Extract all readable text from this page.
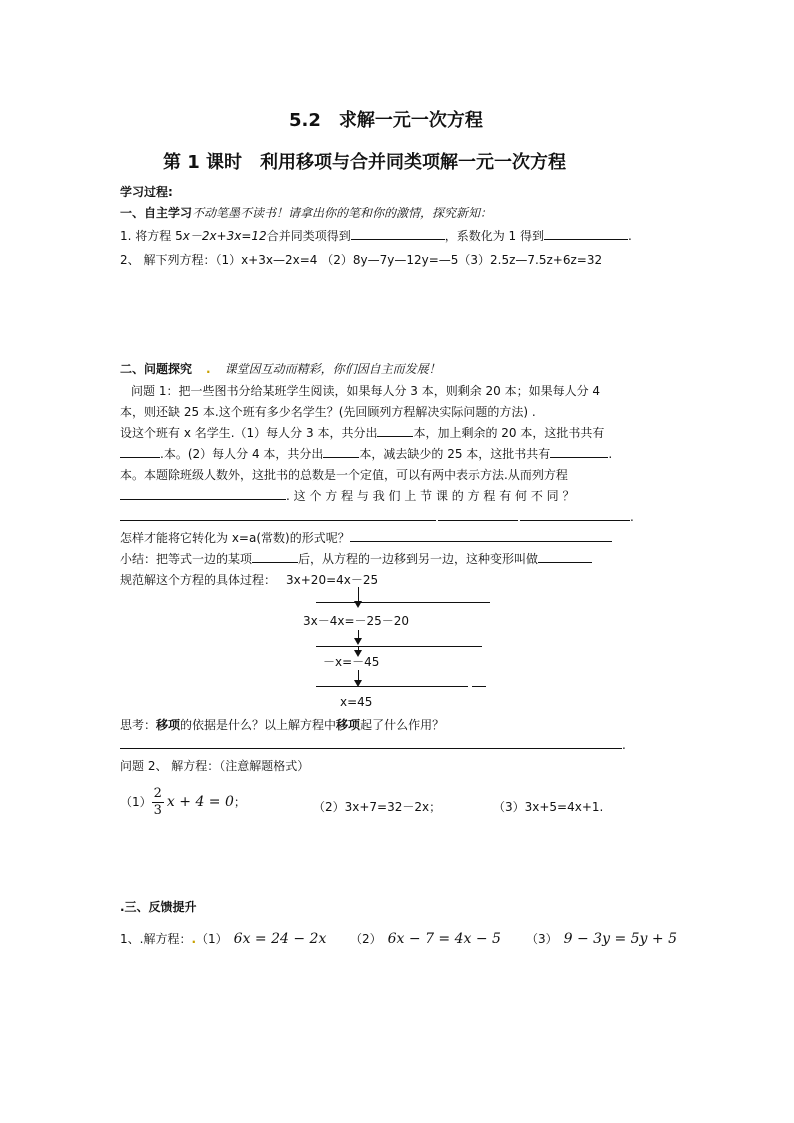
5.2　求解一元一次方程
第 1 课时　利用移项与合并同类项解一元一次方程
学习过程:
一、自主学习不动笔墨不读书！请拿出你的笔和你的激情，探究新知：
1. 将方程 5x－2x+3x=12合并同类项得到	，系数化为 1 得到	.
2、 解下列方程：（1）x+3x—2x=4 （2）8y—7y—12y=—5（3）2.5z—7.5z+6z=32
二、问题探究 . 课堂因互动而精彩，你们因自主而发展！
问题 1：把一些图书分给某班学生阅读，如果每人分 3 本，则剩余 20 本；如果每人分 4
本，则还缺 25 本.这个班有多少名学生？(先回顾列方程解决实际问题的方法) .
设这个班有 x 名学生.（1）每人分 3 本，共分出	本，加上剩余的 20 本，这批书共有
.本。(2）每人分 4 本，共分出	本，减去缺少的 25 本，这批书共有	.
本。本题除班级人数外，这批书的总数是一个定值，可以有两中表示方法.从而列方程
. 这 个 方 程 与 我 们 上 节 课 的 方 程 有 何 不 同 ？
.
怎样才能将它转化为 x=a(常数)的形式呢？
小结：把等式一边的某项	后，从方程的一边移到另一边，这种变形叫做
规范解这个方程的具体过程： 3x+20=4x－25
3x－4x=－25－20
－x=－45
x=45
思考：移项的依据是什么？以上解方程中移项起了什么作用？
.
问题 2、 解方程：（注意解题格式）
$(1) \frac{2}{3}$ x + 4 = 0；	（2）3x+7=32－2x；	（3）3x+5=4x+1.
.三、反馈提升
1、.解方程：.（1） 6x = 24 − 2x （2） 6x − 7 = 4x − 5 （3） 9 − 3y = 5y + 5
